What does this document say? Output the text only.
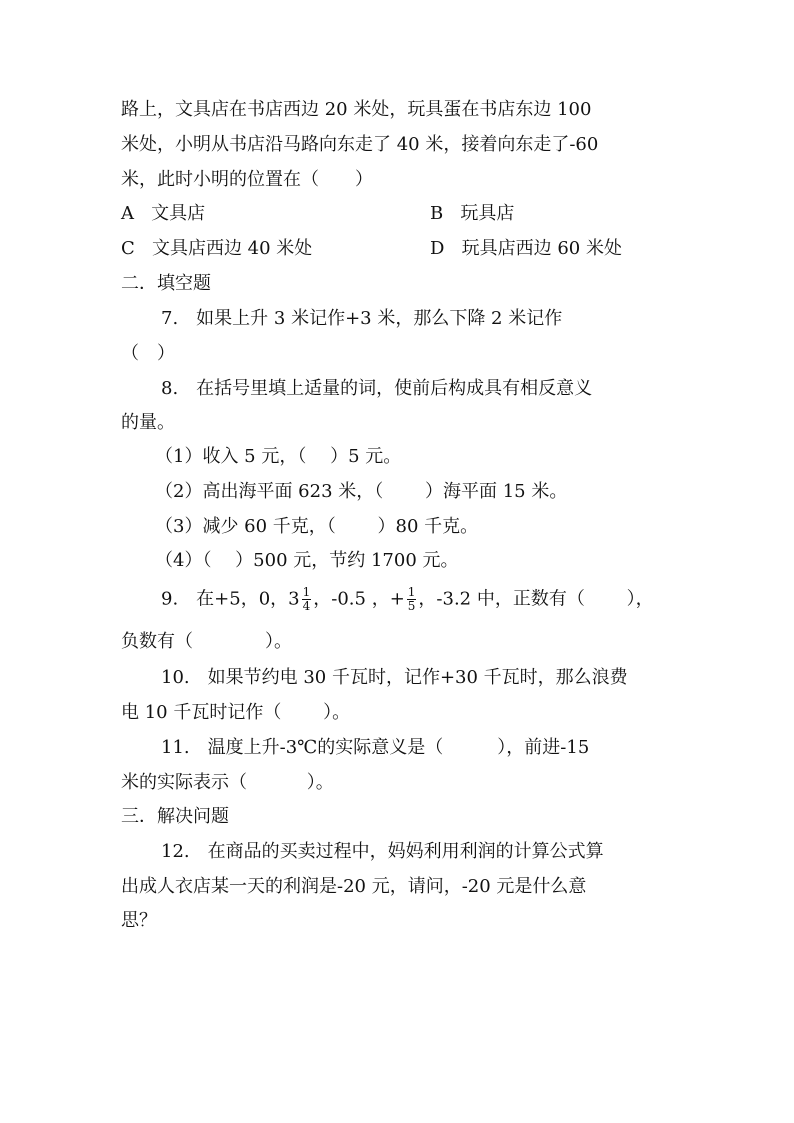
路上，文具店在书店西边 20 米处，玩具蛋在书店东边 100
米处，小明从书店沿马路向东走了 40 米，接着向东走了-60
米，此时小明的位置在（　　）
A 文具店	B 玩具店
C 文具店西边 40 米处	D 玩具店西边 60 米处
二．填空题
7.　如果上升 3 米记作+3 米，那么下降 2 米记作
（　）
8.　在括号里填上适量的词，使前后构成具有相反意义
的量。
（1）收入 5 元，（　 ）5 元。
（2）高出海平面 623 米，（　　 ）海平面 15 米。
（3）减少 60 千克，（　　 ）80 千克。
（4）（　 ）500 元，节约 1700 元。
9.　在+5，0，$3 \frac{1}{4}$ ，-0.5 ，+ $\frac{1}{5}$ ，-3.2 中，正数有（　　 ），
负数有（　　　　）。
10.　如果节约电 30 千瓦时，记作+30 千瓦时，那么浪费
电 10 千瓦时记作（　　 ）。
11.　温度上升-3℃的实际意义是（　　　），前进-15
米的实际表示（　　　 ）。
三．解决问题
12.　在商品的买卖过程中，妈妈利用利润的计算公式算
出成人衣店某一天的利润是-20 元，请问，-20 元是什么意
思？
